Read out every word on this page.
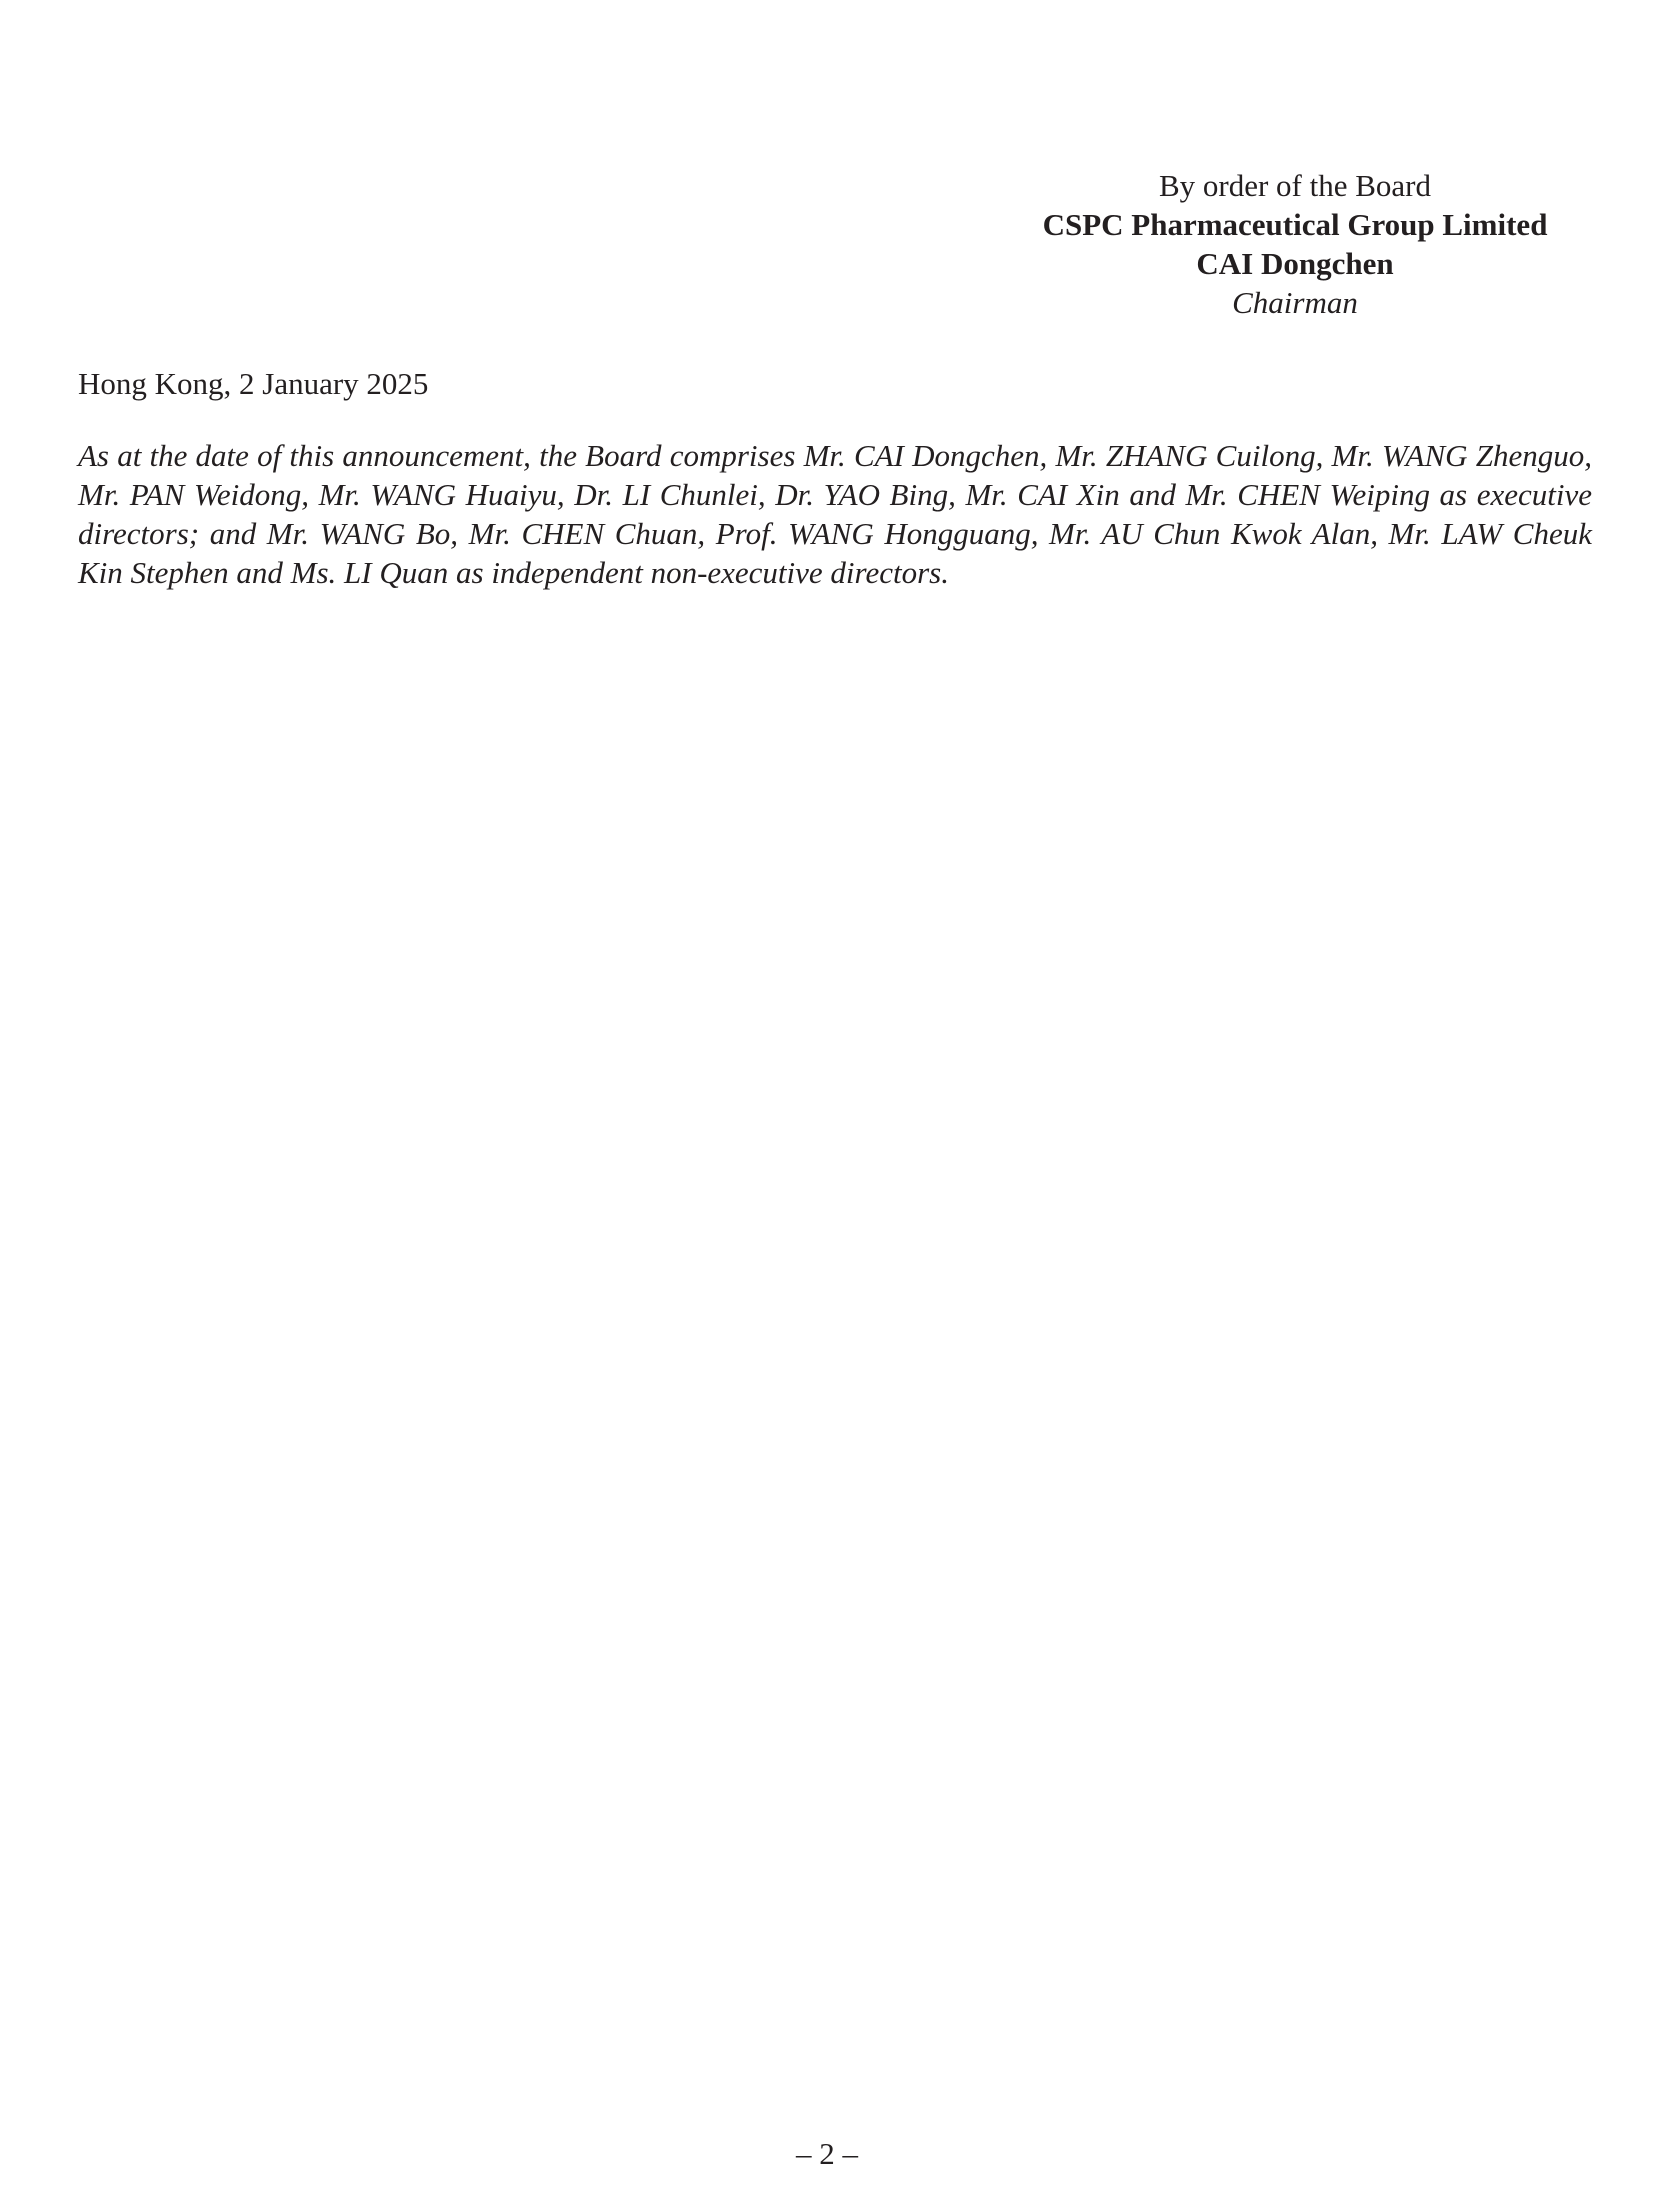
By order of the Board
CSPC Pharmaceutical Group Limited
CAI Dongchen
Chairman
Hong Kong, 2 January 2025

As at the date of this announcement, the Board comprises Mr. CAI Dongchen, Mr. ZHANG Cuilong, Mr. WANG Zhenguo, Mr. PAN Weidong, Mr. WANG Huaiyu, Dr. LI Chunlei, Dr. YAO Bing, Mr. CAI Xin and Mr. CHEN Weiping as executive directors; and Mr. WANG Bo, Mr. CHEN Chuan, Prof. WANG Hongguang, Mr. AU Chun Kwok Alan, Mr. LAW Cheuk Kin Stephen and Ms. LI Quan as independent non-executive directors.

– 2 –
